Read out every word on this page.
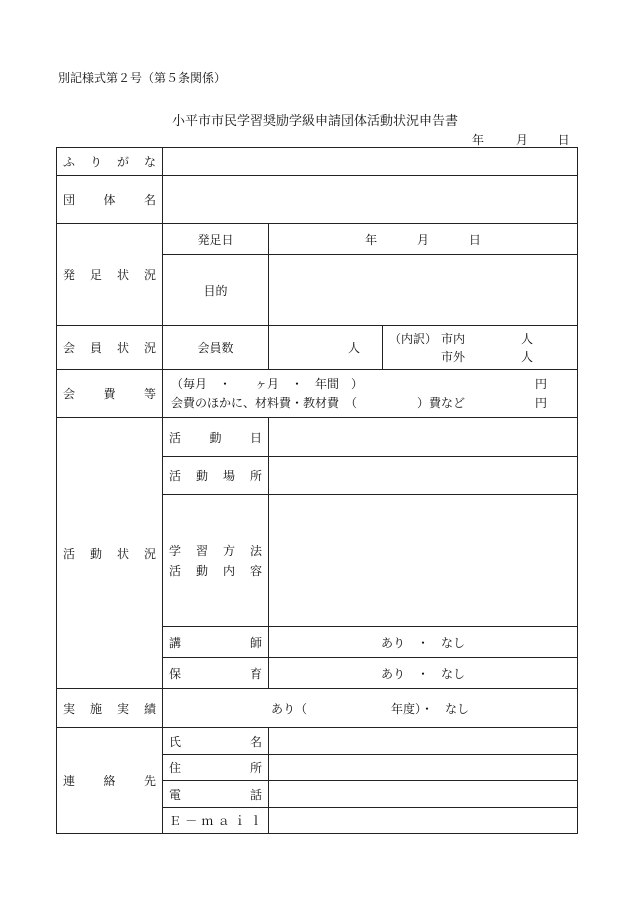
別記様式第２号（第５条関係）
小平市市民学習奨励学級申請団体活動状況申告書
年	月 日
ふりがな			
団体名			
発足状況	発足日	年 月 日	
	目的		
会員状況	会員数	人	（内訳） 市内 人
市外 人

会費等	（毎月　・　　ヶ月　・　年間　） 円
会費のほかに、材料費・教材費　（　　　　　）費など 円		

活動状況	活動日		
	活動場所		

	学習方法
活動内容		

	講師	あり　・　なし	
	保育	あり　・　なし	
実施実績	あり（　　　　　　　年度）・　なし		
連絡先	氏名		
	住所		
	電話		
	Ｅ－ｍａｉｌ		
